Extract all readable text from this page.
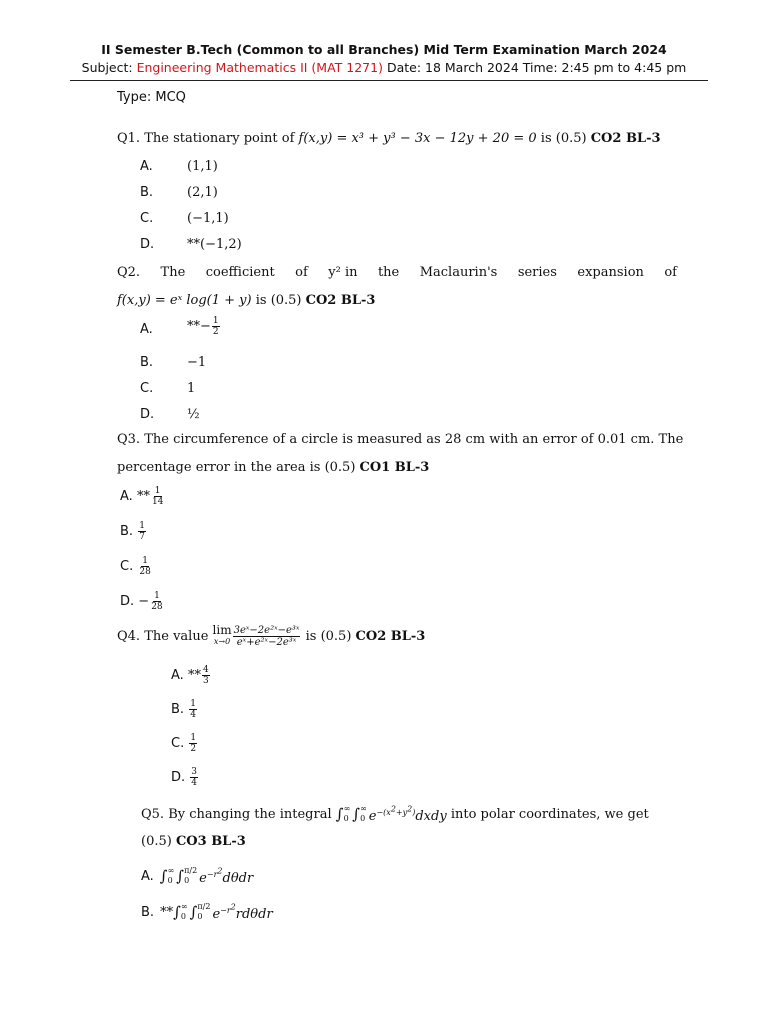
II Semester B.Tech (Common to all Branches) Mid Term Examination March 2024
Subject: Engineering Mathematics II (MAT 1271) Date: 18 March 2024 Time: 2:45 pm to 4:45 pm
Type: MCQ
Q1. The stationary point of f(x,y) = x³ + y³ − 3x − 12y + 20 = 0 is (0.5) CO2 BL-3
A.	(1,1)
B.	(2,1)
C.	(−1,1)
D.	**(−1,2)
Q2. The coefficient of y² in the Maclaurin's series expansion of
f(x,y) = eˣ log(1 + y) is (0.5) CO2 BL-3
A.	**− $\frac{1}{2}$
B.	−1
C.	1
D.	½
Q3. The circumference of a circle is measured as 28 cm with an error of 0.01 cm. The
percentage error in the area is (0.5) CO1 BL-3
A. ** $\frac{1}{14}$
B. $\frac{1}{7}$
C. $\frac{1}{28}$
D. − $\frac{1}{28}$
Q4. The value lim
$x\to 0 \frac{\text{3eˣ−2e²ˣ−e³ˣ}}{\text{eˣ+e²ˣ−2e³ˣ}}$ is (0.5) CO2 BL-3
A. ** $\frac{4}{3}$
B. $\frac{1}{4}$
C. $\frac{1}{2}$
D. $\frac{3}{4}$
Q5. By changing the integral ∫ ∞
0 ∫ ∞
0 $e^{-(x^2+y^2)}dxdy$ into polar coordinates, we get
(0.5) CO3 BL-3
A. ∫ ∞
0 ∫ π/2
0 $e^{-r^2}d\theta dr$
B. ** ∫ ∞
0 ∫ π/2
0 $e^{-r^2}rd\theta dr$
